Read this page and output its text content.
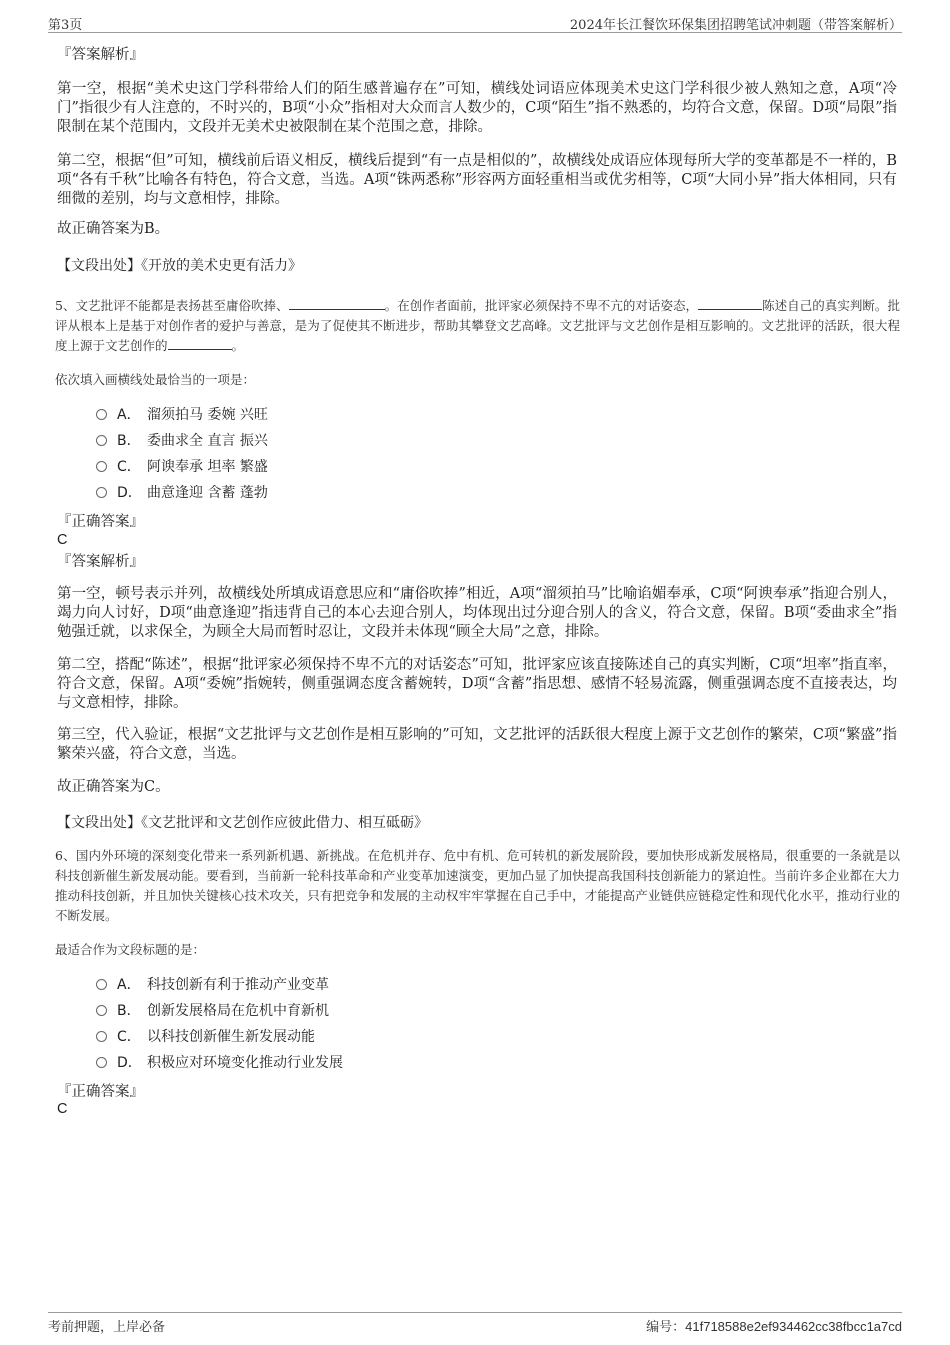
第3页	2024年长江餐饮环保集团招聘笔试冲刺题（带答案解析）
『答案解析』
第一空，根据“美术史这门学科带给人们的陌生感普遍存在”可知，横线处词语应体现美术史这门学科很少被人熟知之意，A项“冷门”指很少有人注意的，不时兴的，B项“小众”指相对大众而言人数少的，C项“陌生”指不熟悉的，均符合文意，保留。D项“局限”指限制在某个范围内，文段并无美术史被限制在某个范围之意，排除。
第二空，根据“但”可知，横线前后语义相反，横线后提到“有一点是相似的”，故横线处成语应体现每所大学的变革都是不一样的，B项“各有千秋”比喻各有特色，符合文意，当选。A项“铢两悉称”形容两方面轻重相当或优劣相等，C项“大同小异”指大体相同，只有细微的差别，均与文意相悖，排除。
故正确答案为B。
【文段出处】《开放的美术史更有活力》
5、文艺批评不能都是表扬甚至庸俗吹捧、	。在创作者面前，批评家必须保持不卑不亢的对话姿态，	陈述自己的真实判断。批评从根本上是基于对创作者的爱护与善意，是为了促使其不断进步，帮助其攀登文艺高峰。文艺批评与文艺创作是相互影响的。文艺批评的活跃，很大程度上源于文艺创作的	。
依次填入画横线处最恰当的一项是：
A． 溜须拍马 委婉 兴旺
B． 委曲求全 直言 振兴
C． 阿谀奉承 坦率 繁盛
D． 曲意逢迎 含蓄 蓬勃
『正确答案』
C
『答案解析』
第一空，顿号表示并列，故横线处所填成语意思应和“庸俗吹捧”相近，A项“溜须拍马”比喻谄媚奉承，C项“阿谀奉承”指迎合别人，竭力向人讨好，D项“曲意逢迎”指违背自己的本心去迎合别人，均体现出过分迎合别人的含义，符合文意，保留。B项“委曲求全”指勉强迁就，以求保全，为顾全大局而暂时忍让，文段并未体现“顾全大局”之意，排除。
第二空，搭配“陈述”，根据“批评家必须保持不卑不亢的对话姿态”可知，批评家应该直接陈述自己的真实判断，C项“坦率”指直率，符合文意，保留。A项“委婉”指婉转，侧重强调态度含蓄婉转，D项“含蓄”指思想、感情不轻易流露，侧重强调态度不直接表达，均与文意相悖，排除。
第三空，代入验证，根据“文艺批评与文艺创作是相互影响的”可知，文艺批评的活跃很大程度上源于文艺创作的繁荣，C项“繁盛”指繁荣兴盛，符合文意，当选。
故正确答案为C。
【文段出处】《文艺批评和文艺创作应彼此借力、相互砥砺》
6、国内外环境的深刻变化带来一系列新机遇、新挑战。在危机并存、危中有机、危可转机的新发展阶段，要加快形成新发展格局，很重要的一条就是以科技创新催生新发展动能。要看到，当前新一轮科技革命和产业变革加速演变，更加凸显了加快提高我国科技创新能力的紧迫性。当前许多企业都在大力推动科技创新，并且加快关键核心技术攻关，只有把竞争和发展的主动权牢牢掌握在自己手中，才能提高产业链供应链稳定性和现代化水平，推动行业的不断发展。
最适合作为文段标题的是：
A． 科技创新有利于推动产业变革
B． 创新发展格局在危机中育新机
C． 以科技创新催生新发展动能
D． 积极应对环境变化推动行业发展
『正确答案』
C
考前押题，上岸必备	编号：41f718588e2ef934462cc38fbcc1a7cd
